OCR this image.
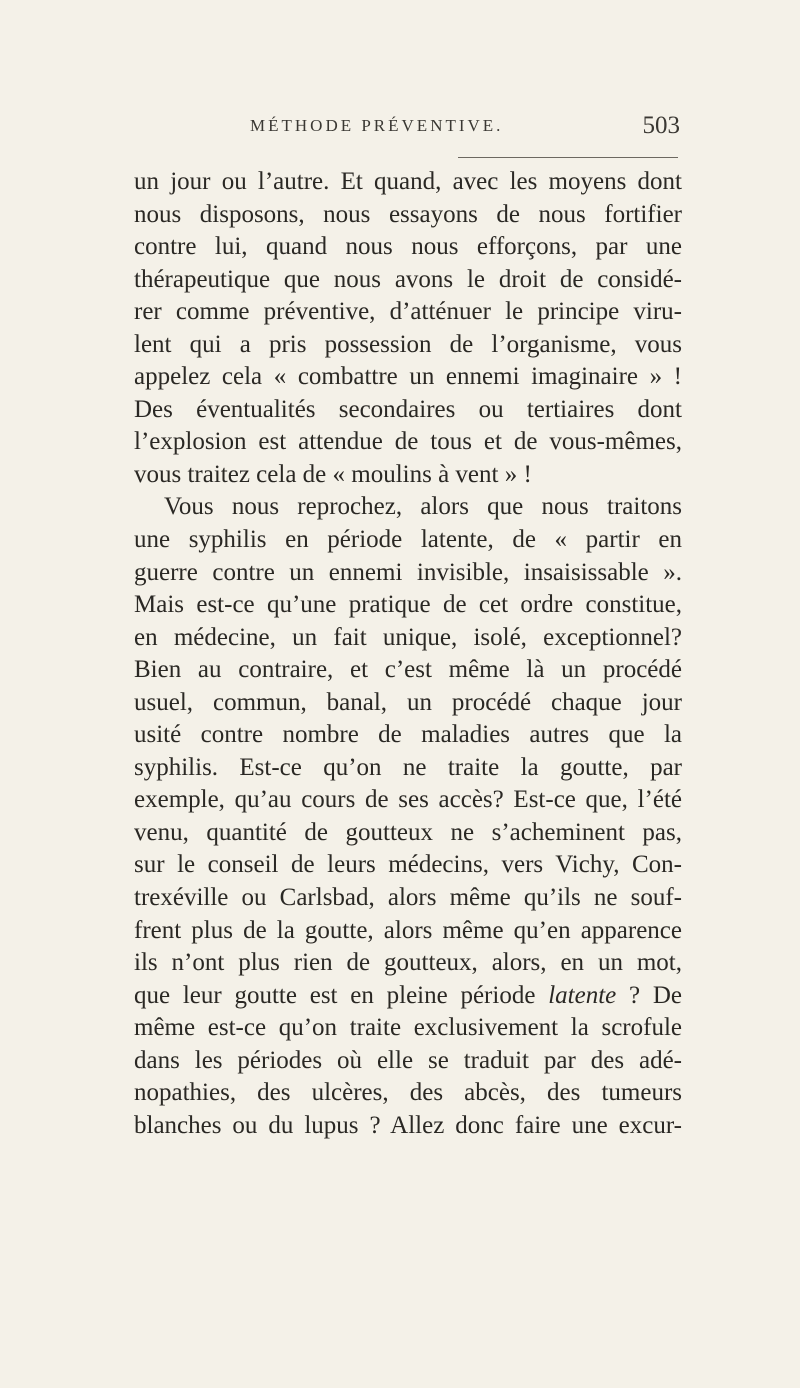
MÉTHODE PRÉVENTIVE.	503
un jour ou l’autre. Et quand, avec les moyens dont
nous disposons, nous essayons de nous fortifier
contre lui, quand nous nous efforçons, par une
thérapeutique que nous avons le droit de considé-
rer comme préventive, d’atténuer le principe viru-
lent qui a pris possession de l’organisme, vous
appelez cela « combattre un ennemi imaginaire » !
Des éventualités secondaires ou tertiaires dont
l’explosion est attendue de tous et de vous-mêmes,
vous traitez cela de « moulins à vent » !
Vous nous reprochez, alors que nous traitons
une syphilis en période latente, de « partir en
guerre contre un ennemi invisible, insaisissable ».
Mais est-ce qu’une pratique de cet ordre constitue,
en médecine, un fait unique, isolé, exceptionnel?
Bien au contraire, et c’est même là un procédé
usuel, commun, banal, un procédé chaque jour
usité contre nombre de maladies autres que la
syphilis. Est-ce qu’on ne traite la goutte, par
exemple, qu’au cours de ses accès? Est-ce que, l’été
venu, quantité de goutteux ne s’acheminent pas,
sur le conseil de leurs médecins, vers Vichy, Con-
trexéville ou Carlsbad, alors même qu’ils ne souf-
frent plus de la goutte, alors même qu’en apparence
ils n’ont plus rien de goutteux, alors, en un mot,
que leur goutte est en pleine période latente ? De
même est-ce qu’on traite exclusivement la scrofule
dans les périodes où elle se traduit par des adé-
nopathies, des ulcères, des abcès, des tumeurs
blanches ou du lupus ? Allez donc faire une excur-
